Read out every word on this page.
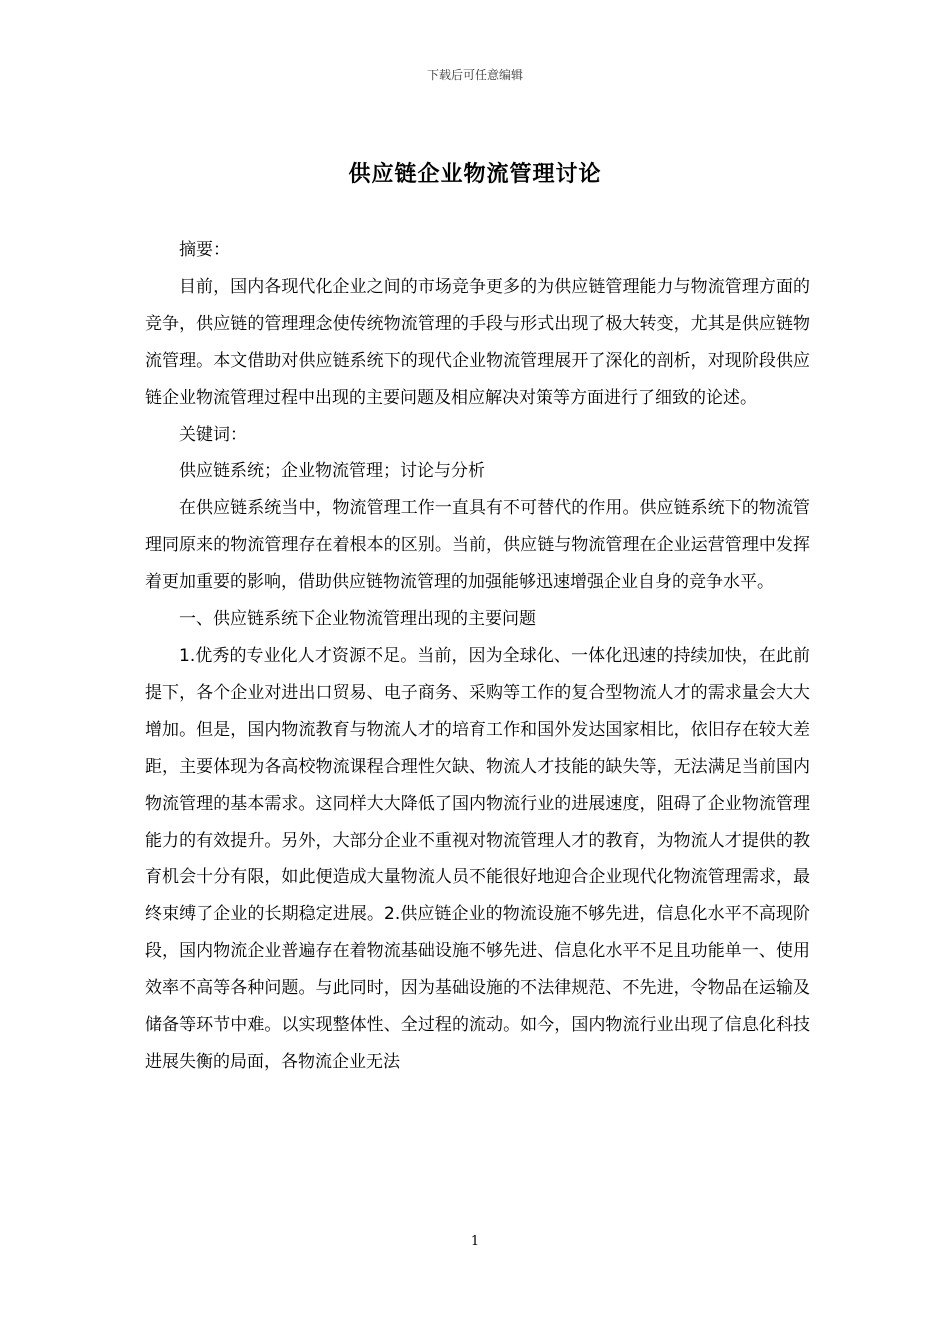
下载后可任意编辑
供应链企业物流管理讨论

摘要：

目前，国内各现代化企业之间的市场竞争更多的为供应链管理能力与物流管理方面的竞争，供应链的管理理念使传统物流管理的手段与形式出现了极大转变，尤其是供应链物流管理。本文借助对供应链系统下的现代企业物流管理展开了深化的剖析，对现阶段供应链企业物流管理过程中出现的主要问题及相应解决对策等方面进行了细致的论述。

关键词：

供应链系统；企业物流管理；讨论与分析

在供应链系统当中，物流管理工作一直具有不可替代的作用。供应链系统下的物流管理同原来的物流管理存在着根本的区别。当前，供应链与物流管理在企业运营管理中发挥着更加重要的影响，借助供应链物流管理的加强能够迅速增强企业自身的竞争水平。

一、供应链系统下企业物流管理出现的主要问题

1.优秀的专业化人才资源不足。当前，因为全球化、一体化迅速的持续加快，在此前提下，各个企业对进出口贸易、电子商务、采购等工作的复合型物流人才的需求量会大大增加。但是，国内物流教育与物流人才的培育工作和国外发达国家相比，依旧存在较大差距，主要体现为各高校物流课程合理性欠缺、物流人才技能的缺失等，无法满足当前国内物流管理的基本需求。这同样大大降低了国内物流行业的进展速度，阻碍了企业物流管理能力的有效提升。另外，大部分企业不重视对物流管理人才的教育，为物流人才提供的教育机会十分有限，如此便造成大量物流人员不能很好地迎合企业现代化物流管理需求，最终束缚了企业的长期稳定进展。2.供应链企业的物流设施不够先进，信息化水平不高现阶段，国内物流企业普遍存在着物流基础设施不够先进、信息化水平不足且功能单一、使用效率不高等各种问题。与此同时，因为基础设施的不法律规范、不先进，令物品在运输及储备等环节中难。以实现整体性、全过程的流动。如今，国内物流行业出现了信息化科技进展失衡的局面，各物流企业无法

1
